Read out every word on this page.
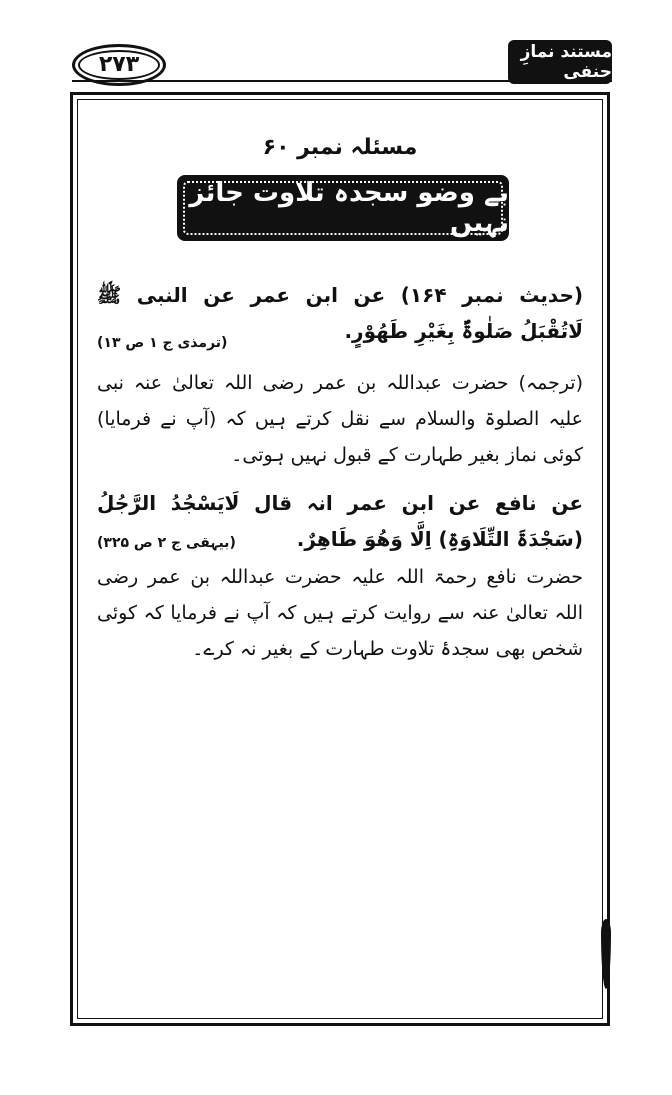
۲۷۳	مستند نمازِ حنفی
مسئلہ نمبر ۶۰
بے وضو سجدہ تلاوت جائز نہیں
(حدیث نمبر ۱۶۴) عن ابن عمر عن النبی ﷺ لَاتُقْبَلُ صَلٰوۃٌ بِغَیْرِ طَھُوْرٍ.
(ترمذی ج ۱ ص ۱۳)
(ترجمہ) حضرت عبداللہ بن عمر رضی اللہ تعالیٰ عنہ نبی علیہ الصلوۃ والسلام سے نقل کرتے ہیں کہ (آپ نے فرمایا) کوئی نماز بغیر طہارت کے قبول نہیں ہوتی۔
عن نافع عن ابن عمر انہ قال لَایَسْجُدُ الرَّجُلُ (سَجْدَۃَ التِّلَاوَۃِ) اِلَّا وَھُوَ طَاھِرٌ.
(بیہقی ج ۲ ص ۳۲۵)
حضرت نافع رحمۃ اللہ علیہ حضرت عبداللہ بن عمر رضی اللہ تعالیٰ عنہ سے روایت کرتے ہیں کہ آپ نے فرمایا کہ کوئی شخص بھی سجدۂ تلاوت طہارت کے بغیر نہ کرے۔
